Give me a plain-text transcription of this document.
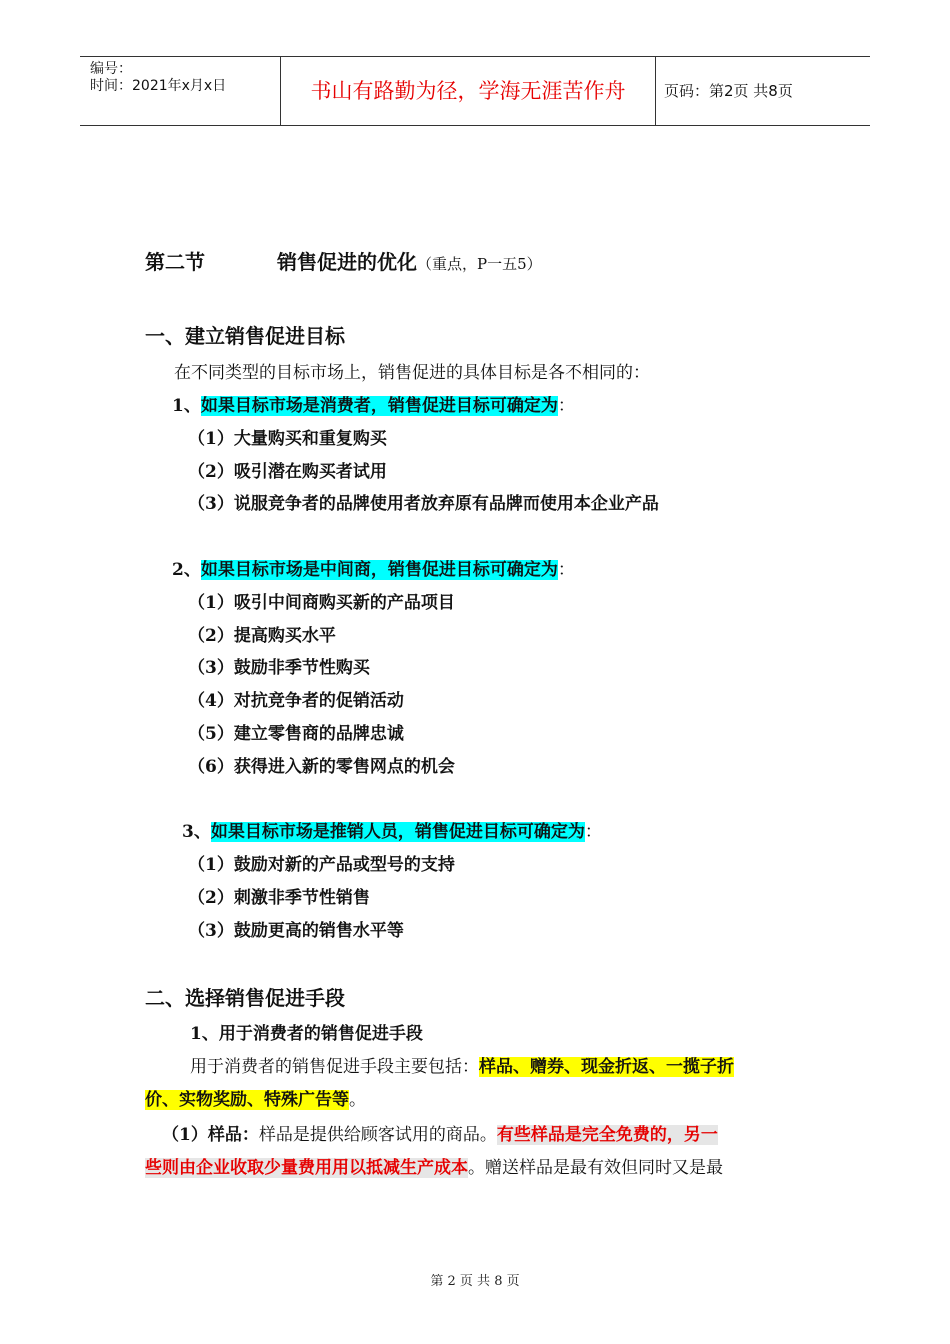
编号：
时间：2021年x月x日	书山有路勤为径，学海无涯苦作舟	页码：第2页 共8页
第二节	销售促进的优化（重点，P一五5）
一、建立销售促进目标
在不同类型的目标市场上，销售促进的具体目标是各不相同的：
1、如果目标市场是消费者，销售促进目标可确定为：
（1）大量购买和重复购买
（2）吸引潜在购买者试用
（3）说服竞争者的品牌使用者放弃原有品牌而使用本企业产品
2、如果目标市场是中间商，销售促进目标可确定为：
（1）吸引中间商购买新的产品项目
（2）提高购买水平
（3）鼓励非季节性购买
（4）对抗竞争者的促销活动
（5）建立零售商的品牌忠诚
（6）获得进入新的零售网点的机会
3、如果目标市场是推销人员，销售促进目标可确定为：
（1）鼓励对新的产品或型号的支持
（2）刺激非季节性销售
（3）鼓励更高的销售水平等
二、选择销售促进手段
1、用于消费者的销售促进手段
用于消费者的销售促进手段主要包括：样品、赠券、现金折返、一揽子折
价、实物奖励、特殊广告等。
（1）样品：样品是提供给顾客试用的商品。有些样品是完全免费的，另一
些则由企业收取少量费用用以抵减生产成本。赠送样品是最有效但同时又是最
第 2 页 共 8 页
